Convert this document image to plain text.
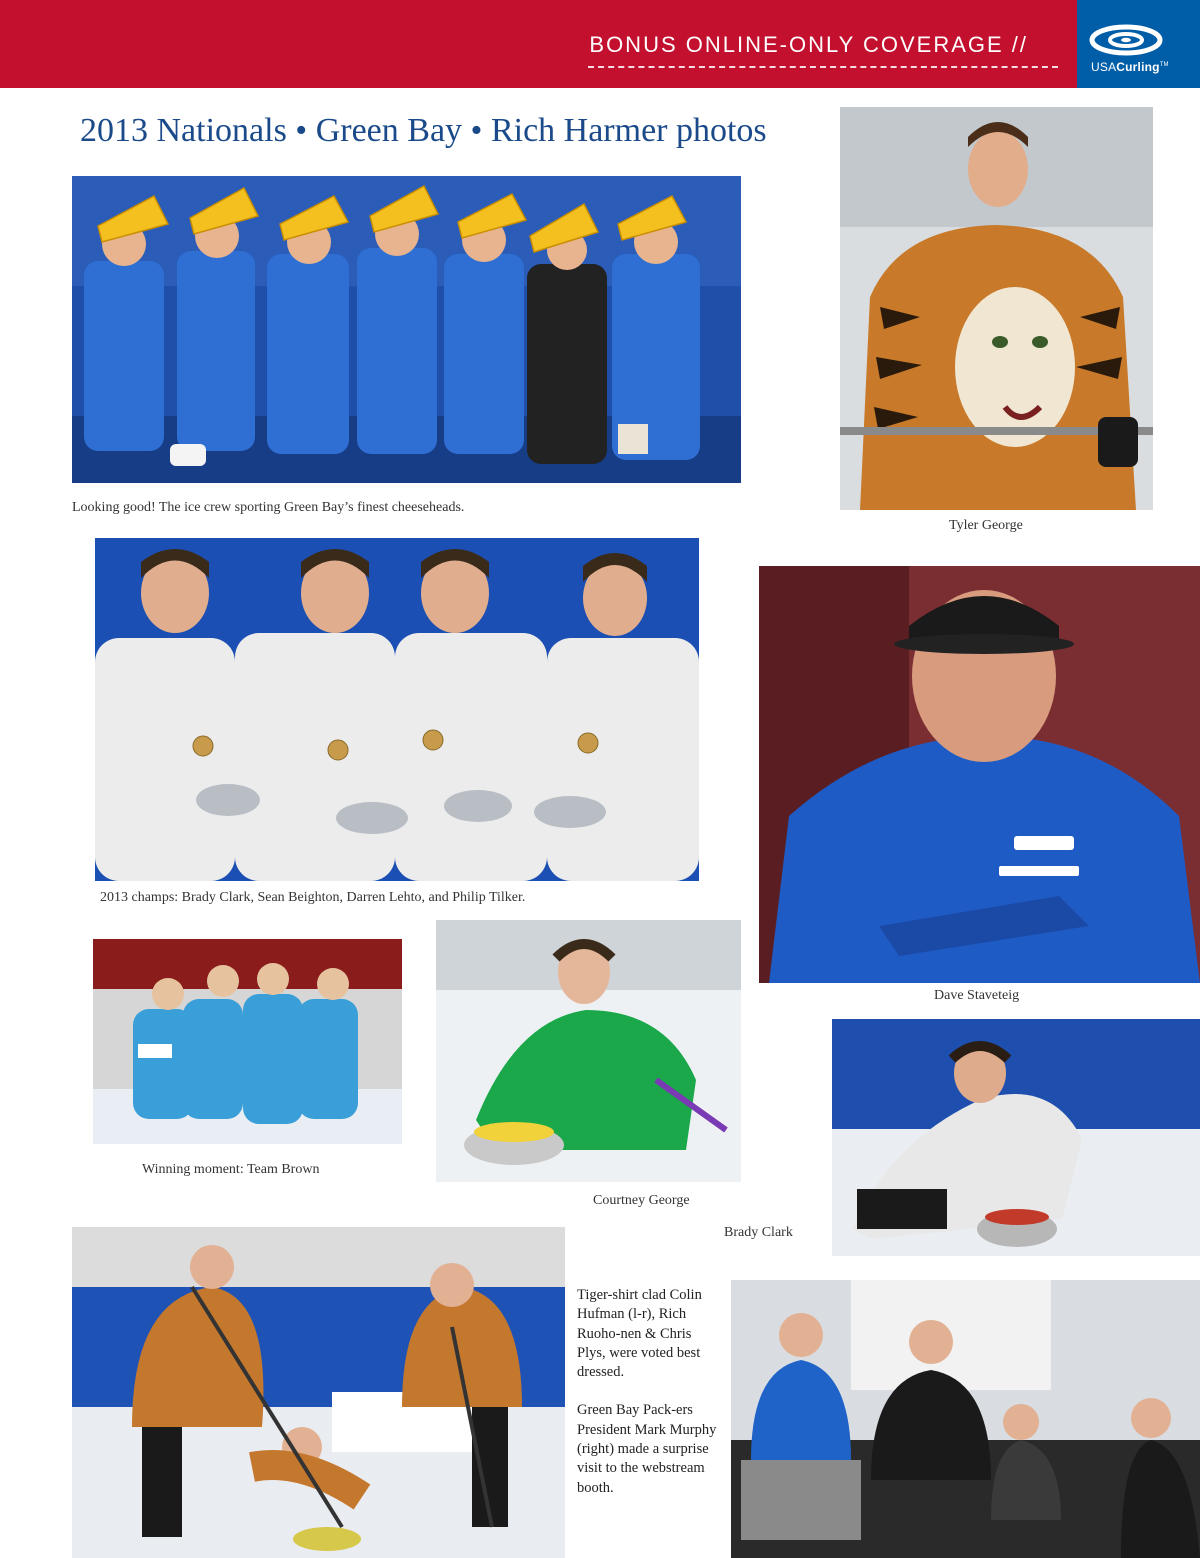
BONUS ONLINE-ONLY COVERAGE //
USACurling™
2013 Nationals • Green Bay • Rich Harmer photos
Looking good! The ice crew sporting Green Bay’s finest cheeseheads.
Tyler George
2013 champs: Brady Clark, Sean Beighton, Darren Lehto, and Philip Tilker.
Dave Staveteig
Winning moment: Team Brown
Courtney George
Brady Clark

Tiger-shirt clad Colin Hufman (l-r), Rich Ruoho-nen & Chris Plys, were voted best dressed.

Green Bay Pack-ers President Mark Murphy (right) made a surprise visit to the webstream booth.
